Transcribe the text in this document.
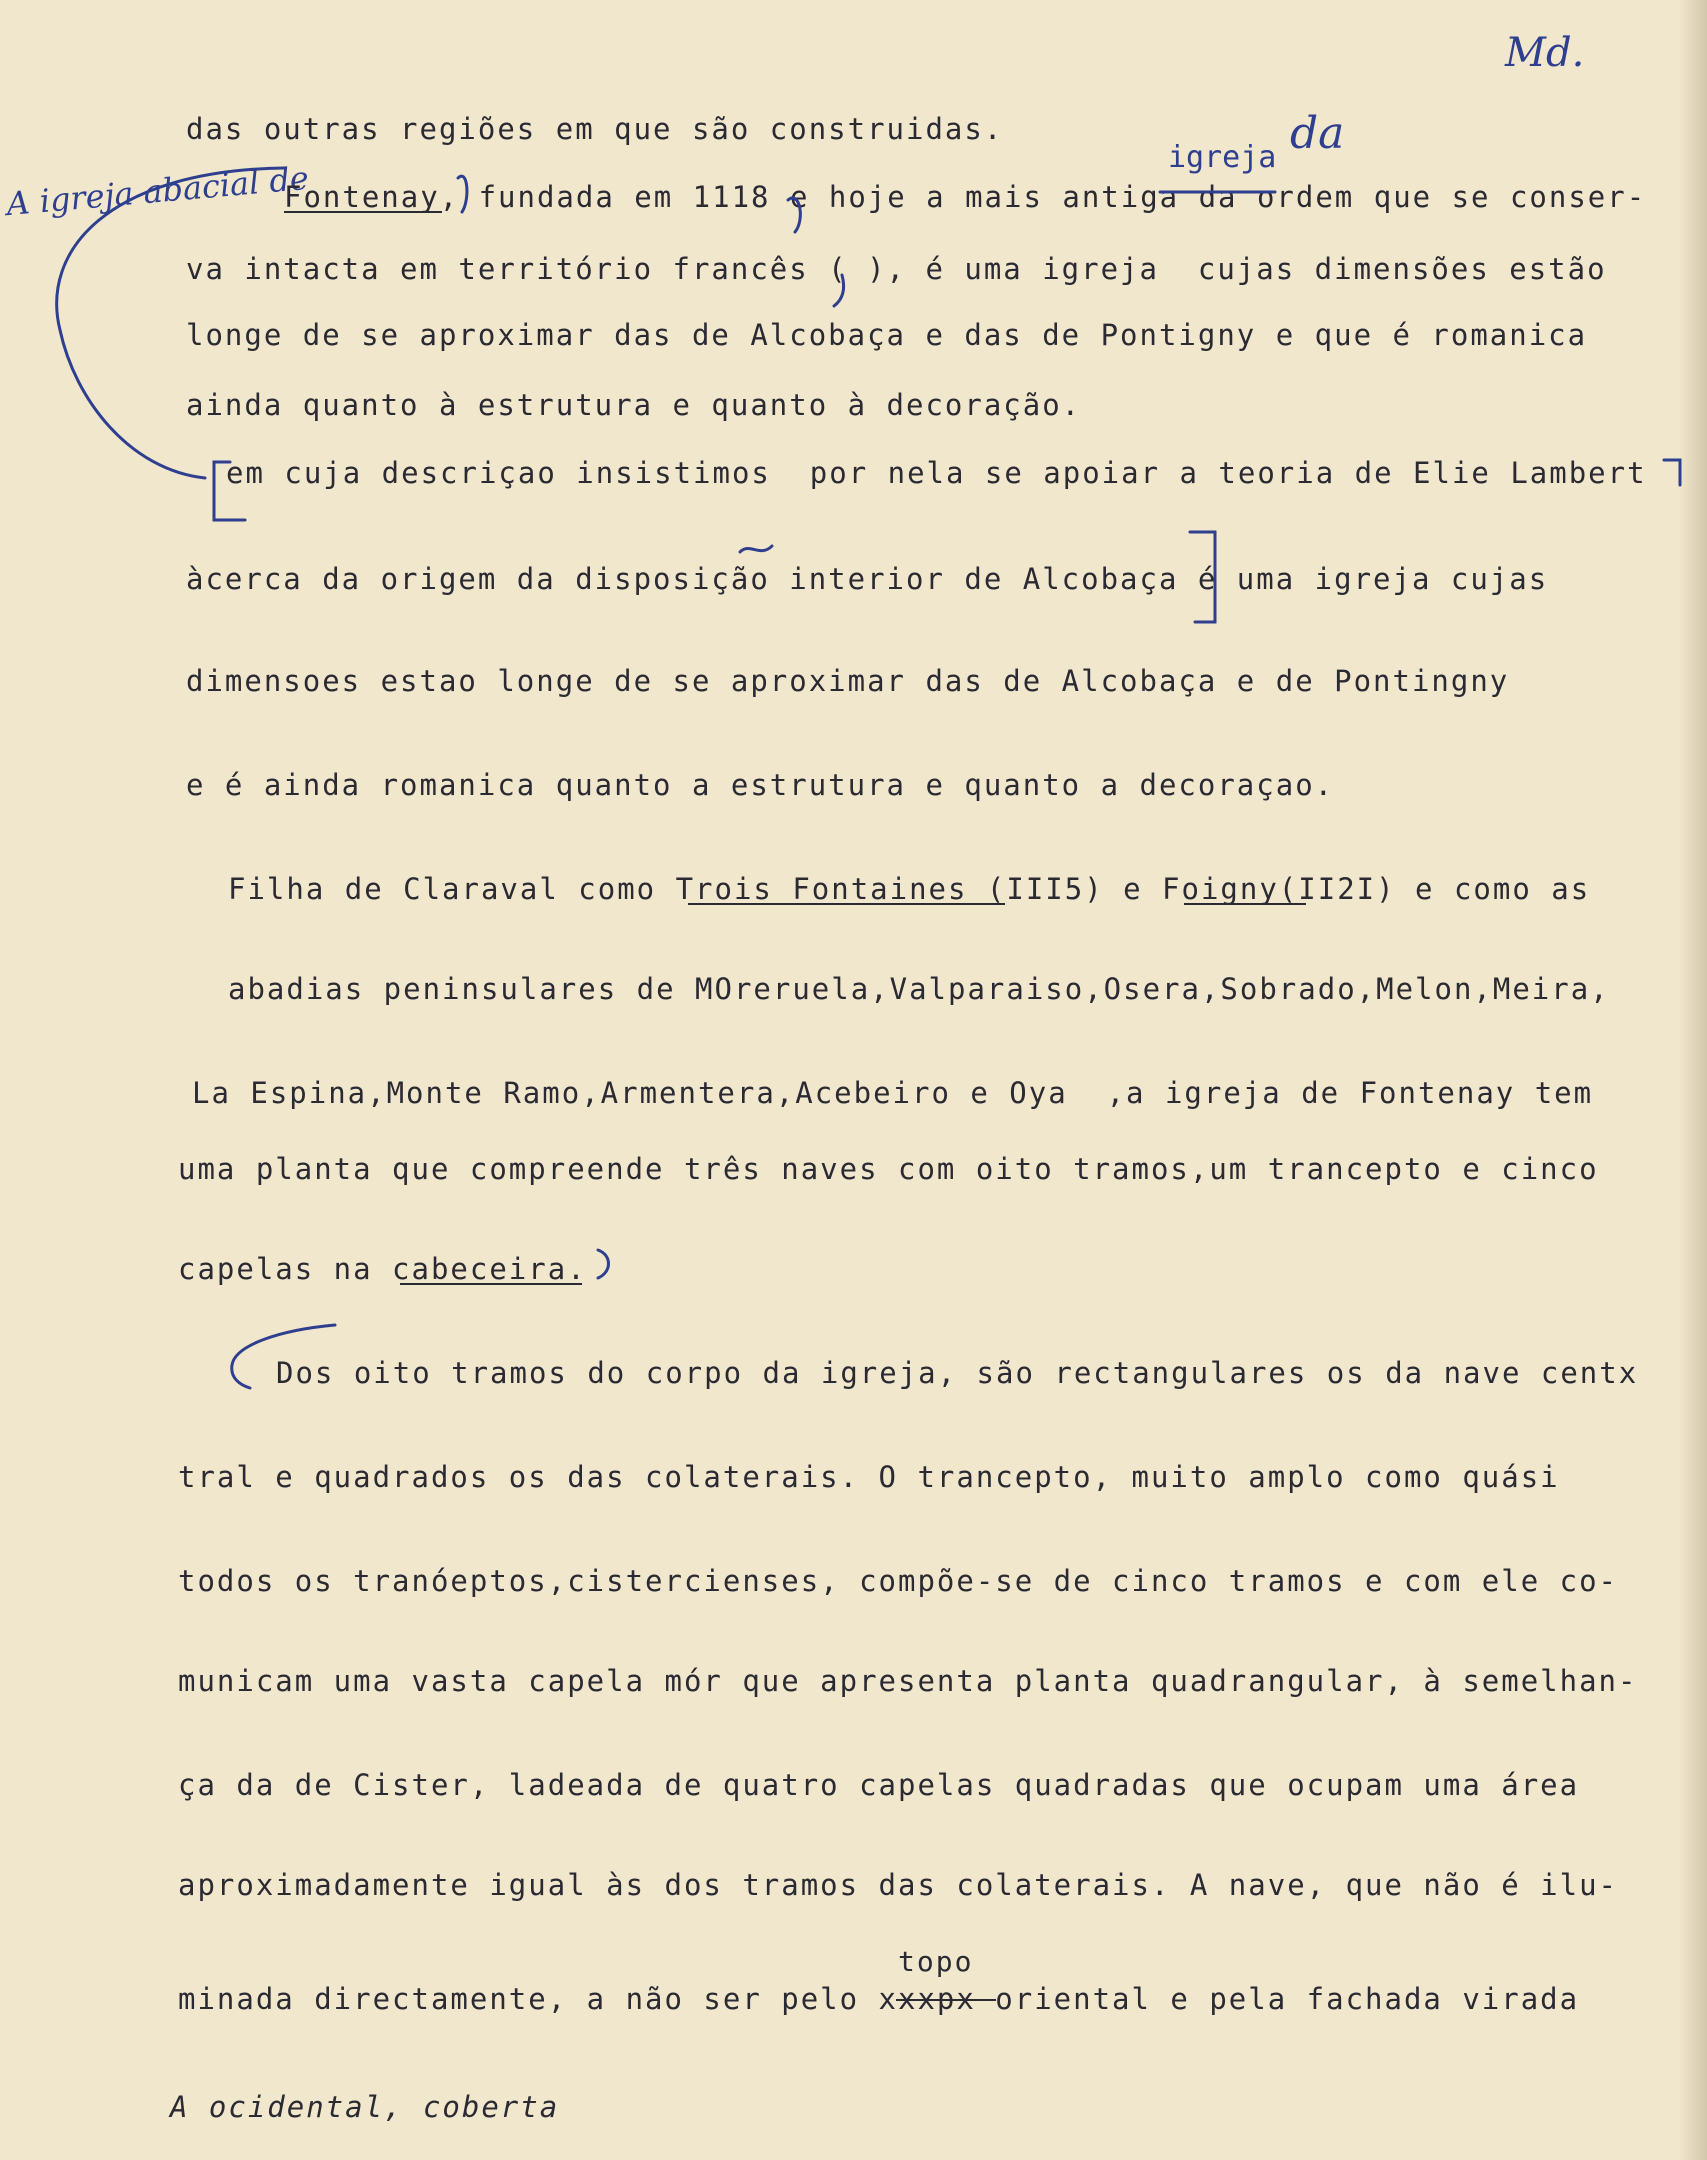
Md.
A igreja abacial de
igreja da
topo
das outras regiões em que são construidas.
Fontenay, fundada em 1118 e hoje a mais antiga da ordem que se conser-
va intacta em território francês ( ), é uma igreja  cujas dimensões estão
longe de se aproximar das de Alcobaça e das de Pontigny e que é romanica
ainda quanto à estrutura e quanto à decoração.
em cuja descriçao insistimos  por nela se apoiar a teoria de Elie Lambert
àcerca da origem da disposição interior de Alcobaça é uma igreja cujas
dimensoes estao longe de se aproximar das de Alcobaça e de Pontingny
e é ainda romanica quanto a estrutura e quanto a decoraçao.
Filha de Claraval como Trois Fontaines (III5) e Foigny(II2I) e como as
abadias peninsulares de MOreruela,Valparaiso,Osera,Sobrado,Melon,Meira,
La Espina,Monte Ramo,Armentera,Acebeiro e Oya  ,a igreja de Fontenay tem
uma planta que compreende três naves com oito tramos,um trancepto e cinco
capelas na cabeceira.
Dos oito tramos do corpo da igreja, são rectangulares os da nave centx
tral e quadrados os das colaterais. O trancepto, muito amplo como quási
todos os tranóeptos,cistercienses, compõe-se de cinco tramos e com ele co-
municam uma vasta capela mór que apresenta planta quadrangular, à semelhan-
ça da de Cister, ladeada de quatro capelas quadradas que ocupam uma área
aproximadamente igual às dos tramos das colaterais. A nave, que não é ilu-
minada directamente, a não ser pelo xxxpx oriental e pela fachada virada
A ocidental, coberta
